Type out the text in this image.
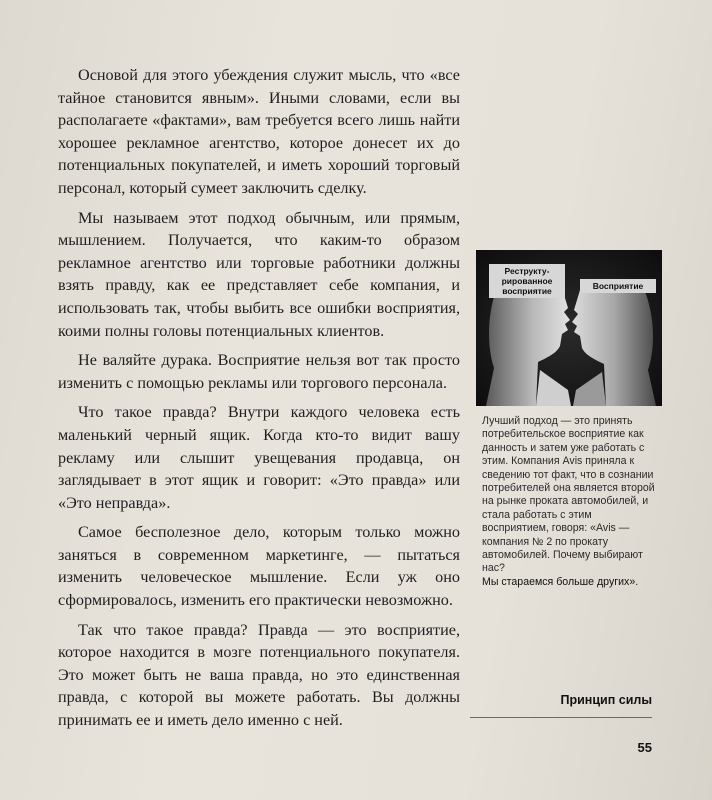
Основой для этого убеждения служит мысль, что «все тайное становится явным». Иными словами, если вы располагаете «фактами», вам требуется всего лишь найти хорошее рекламное агентство, которое донесет их до потенциальных покупателей, и иметь хороший торговый персонал, который сумеет заключить сделку.

Мы называем этот подход обычным, или прямым, мышлением. Получается, что каким-то образом рекламное агентство или торговые работники должны взять правду, как ее представляет себе компания, и использовать так, чтобы выбить все ошибки восприятия, коими полны головы потенциальных клиентов.

Не валяйте дурака. Восприятие нельзя вот так просто изменить с помощью рекламы или торгового персонала.

Что такое правда? Внутри каждого человека есть маленький черный ящик. Когда кто-то видит вашу рекламу или слышит увещевания продавца, он заглядывает в этот ящик и говорит: «Это правда» или «Это неправда».

Самое бесполезное дело, которым только можно заняться в современном маркетинге, — пытаться изменить человеческое мышление. Если уж оно сформировалось, изменить его практически невозможно.

Так что такое правда? Правда — это восприятие, которое находится в мозге потенциального покупателя. Это может быть не ваша правда, но это единственная правда, с которой вы можете работать. Вы должны принимать ее и иметь дело именно с ней.

Реструкту-
рированное
восприятие	Восприятие

Лучший подход — это принять потребительское восприятие как данность и затем уже работать с этим. Компания Avis приняла к сведению тот факт, что в сознании потребителей она является второй на рынке проката автомобилей, и стала работать с этим восприятием, говоря: «Avis — компания № 2 по прокату автомобилей. Почему выбирают нас?

Мы стараемся больше других».

Принцип силы
55
